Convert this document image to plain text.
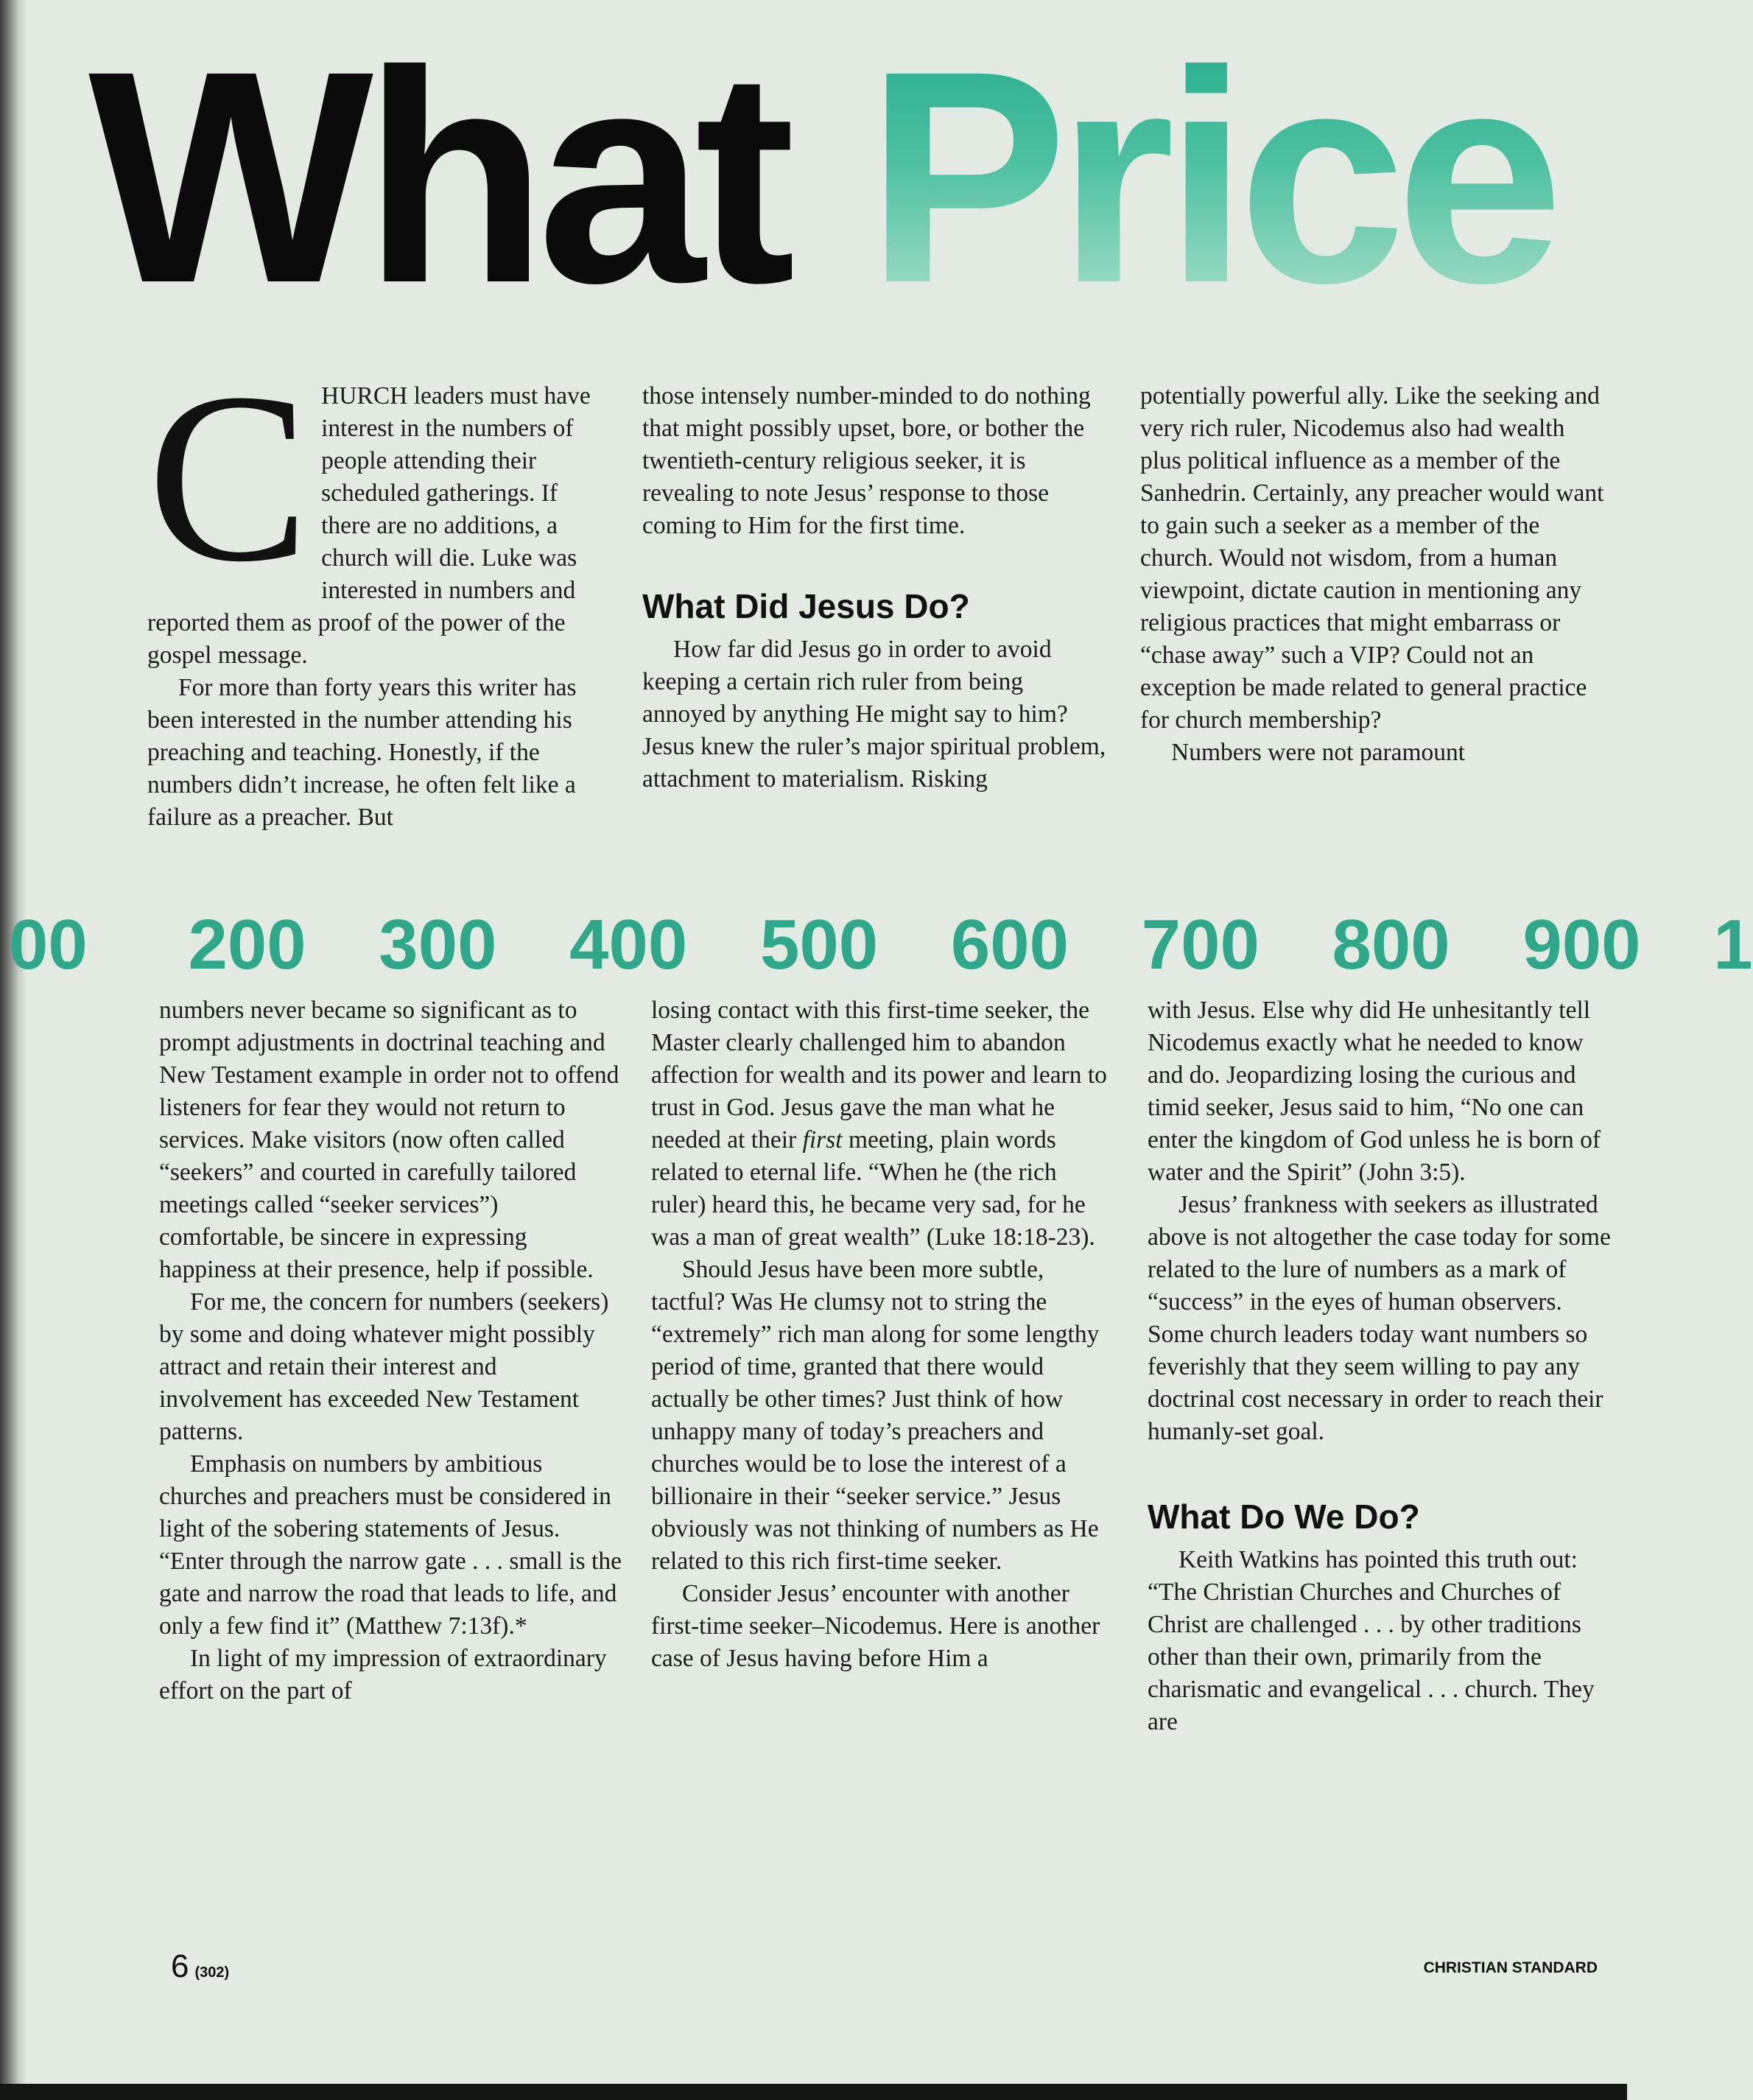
What Price
C HURCH leaders must have interest in the numbers of people attending their scheduled gatherings. If there are no additions, a church will die. Luke was interested in numbers and reported them as proof of the power of the gospel message.

For more than forty years this writer has been interested in the number attending his preaching and teaching. Honestly, if the numbers didn’t increase, he often felt like a failure as a preacher. But

those intensely number-minded to do nothing that might possibly upset, bore, or bother the twentieth-century religious seeker, it is revealing to note Jesus’ response to those coming to Him for the first time.

What Did Jesus Do?

How far did Jesus go in order to avoid keeping a certain rich ruler from being annoyed by anything He might say to him? Jesus knew the ruler’s major spiritual problem, attachment to materialism. Risking

potentially powerful ally. Like the seeking and very rich ruler, Nicodemus also had wealth plus political influence as a member of the Sanhedrin. Certainly, any preacher would want to gain such a seeker as a member of the church. Would not wisdom, from a human viewpoint, dictate caution in mentioning any religious practices that might embarrass or “chase away” such a VIP? Could not an exception be made related to general practice for church membership?

Numbers were not paramount

00 200 300 400 500 600 700 800 900 1

numbers never became so significant as to prompt adjustments in doctrinal teaching and New Testament example in order not to offend listeners for fear they would not return to services. Make visitors (now often called “seekers” and courted in carefully tailored meetings called “seeker services”) comfortable, be sincere in expressing happiness at their presence, help if possible.

For me, the concern for numbers (seekers) by some and doing whatever might possibly attract and retain their interest and involvement has exceeded New Testament patterns.

Emphasis on numbers by ambitious churches and preachers must be considered in light of the sobering statements of Jesus. “Enter through the narrow gate . . . small is the gate and narrow the road that leads to life, and only a few find it” (Matthew 7:13f).*

In light of my impression of extraordinary effort on the part of

losing contact with this first-time seeker, the Master clearly challenged him to abandon affection for wealth and its power and learn to trust in God. Jesus gave the man what he needed at their first meeting, plain words related to eternal life. “When he (the rich ruler) heard this, he became very sad, for he was a man of great wealth” (Luke 18:18-23).

Should Jesus have been more subtle, tactful? Was He clumsy not to string the “extremely” rich man along for some lengthy period of time, granted that there would actually be other times? Just think of how unhappy many of today’s preachers and churches would be to lose the interest of a billionaire in their “seeker service.” Jesus obviously was not thinking of numbers as He related to this rich first-time seeker.

Consider Jesus’ encounter with another first-time seeker–Nicodemus. Here is another case of Jesus having before Him a

with Jesus. Else why did He unhesitantly tell Nicodemus exactly what he needed to know and do. Jeopardizing losing the curious and timid seeker, Jesus said to him, “No one can enter the kingdom of God unless he is born of water and the Spirit” (John 3:5).

Jesus’ frankness with seekers as illustrated above is not altogether the case today for some related to the lure of numbers as a mark of “success” in the eyes of human observers. Some church leaders today want numbers so feverishly that they seem willing to pay any doctrinal cost necessary in order to reach their humanly-set goal.

What Do We Do?

Keith Watkins has pointed this truth out: “The Christian Churches and Churches of Christ are challenged . . . by other traditions other than their own, primarily from the charismatic and evangelical . . . church. They are

6 (302)	CHRISTIAN STANDARD
